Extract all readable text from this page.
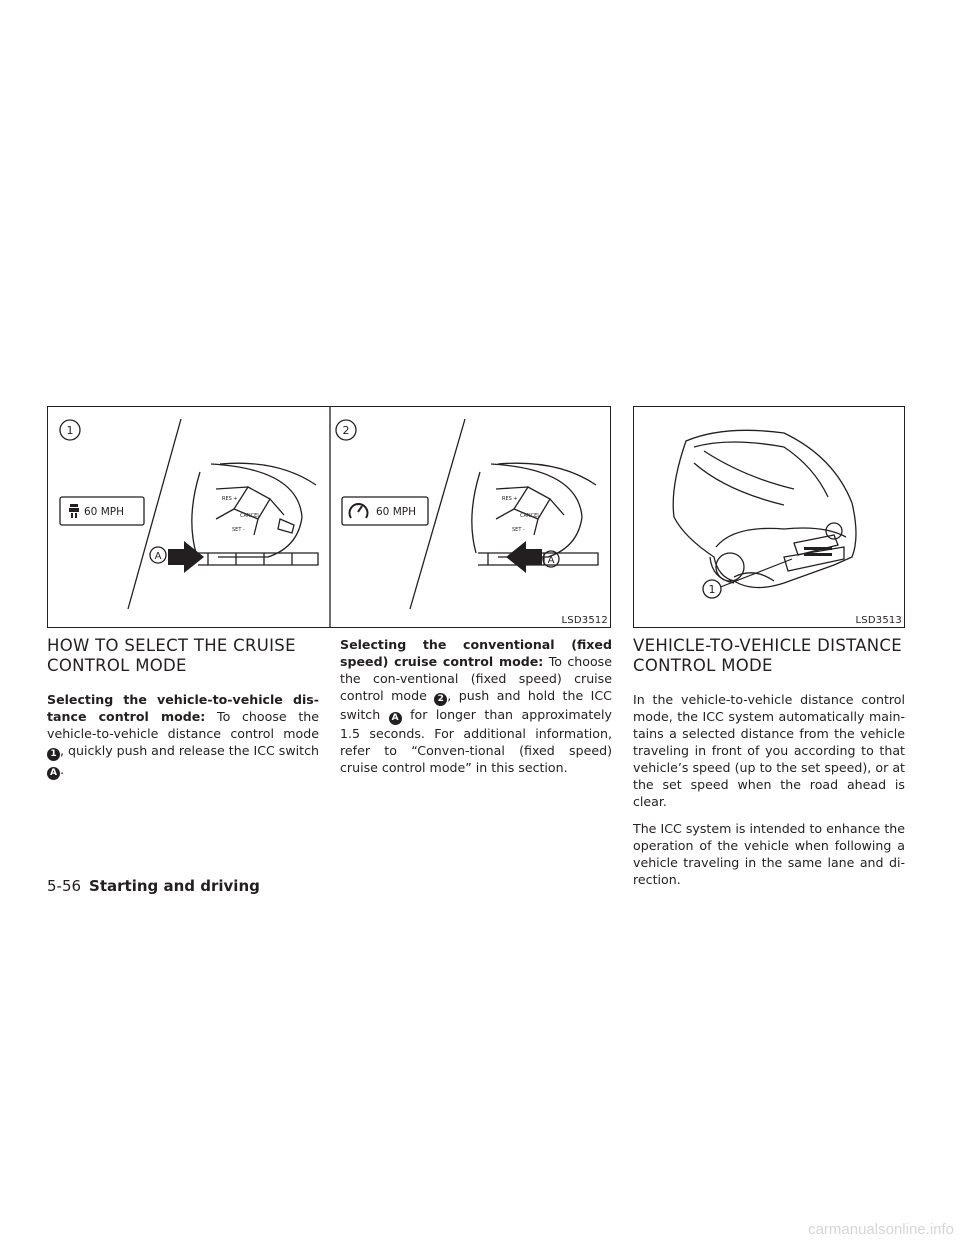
1	2
60 MPH	60 MPH
A	A
RES +
CANCEL
SET -
RES +
CANCEL
SET -
LSD3512
1
LSD3513
HOW TO SELECT THE CRUISE CONTROL MODE

Selecting the vehicle-to-vehicle dis-tance control mode: To choose the vehicle-to-vehicle distance control mode 1 , quickly push and release the ICC switch A .

Selecting the conventional (fixed speed) cruise control mode: To choose the con-ventional (fixed speed) cruise control mode 2 , push and hold the ICC switch A for longer than approximately 1.5 seconds. For additional information, refer to “Conven-tional (fixed speed) cruise control mode” in this section.

VEHICLE-TO-VEHICLE DISTANCE CONTROL MODE

In the vehicle-to-vehicle distance control mode, the ICC system automatically main-tains a selected distance from the vehicle traveling in front of you according to that vehicle’s speed (up to the set speed), or at the set speed when the road ahead is clear.

The ICC system is intended to enhance the operation of the vehicle when following a vehicle traveling in the same lane and di-rection.

5-56 Starting and driving
carmanualsonline.info
